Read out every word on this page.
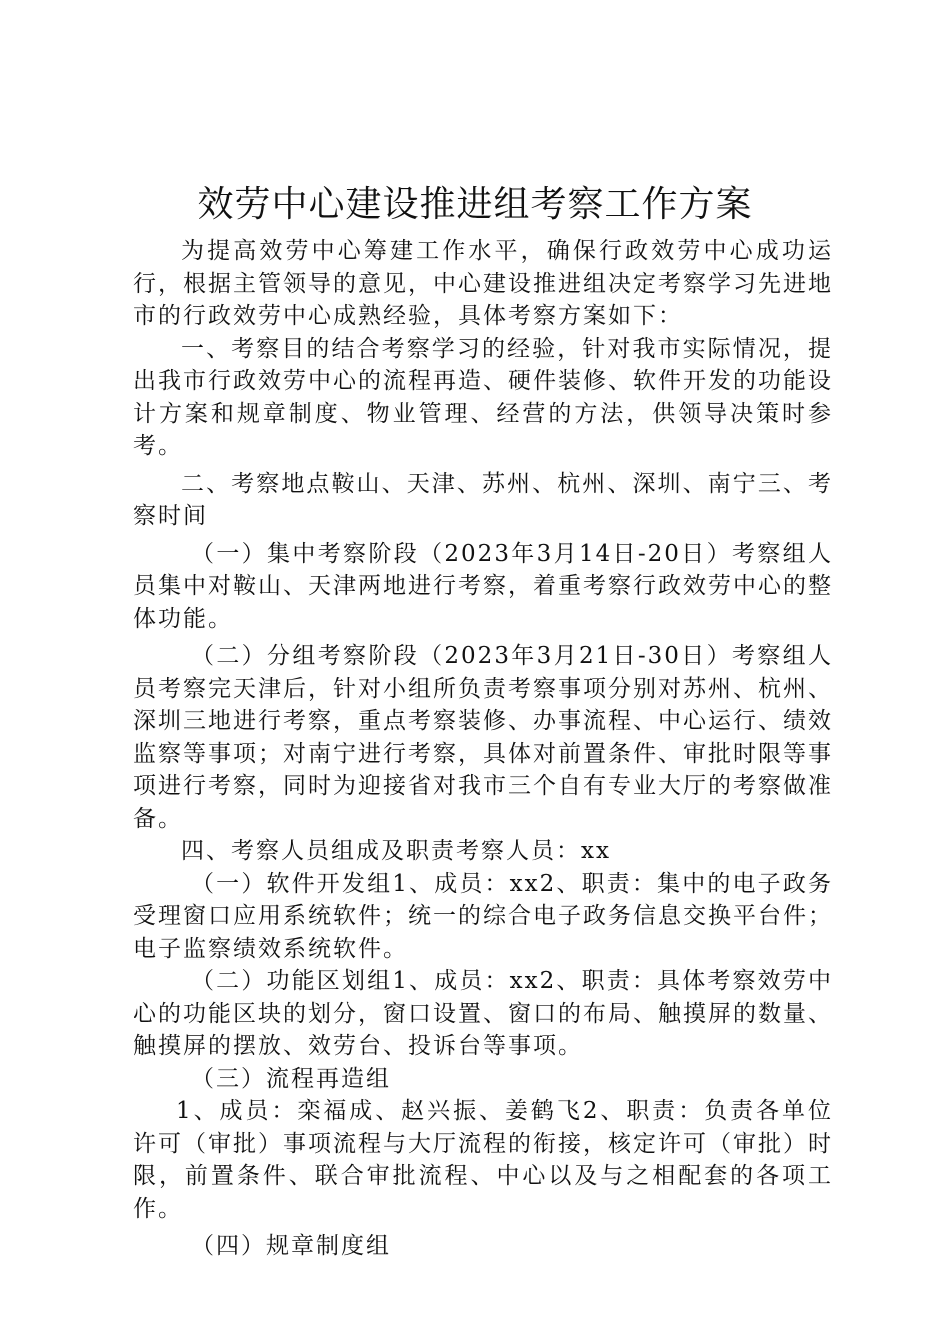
效劳中心建设推进组考察工作方案

为提高效劳中心筹建工作水平，确保行政效劳中心成功运行，根据主管领导的意见，中心建设推进组决定考察学习先进地市的行政效劳中心成熟经验，具体考察方案如下：

一、考察目的结合考察学习的经验，针对我市实际情况，提出我市行政效劳中心的流程再造、硬件装修、软件开发的功能设计方案和规章制度、物业管理、经营的方法，供领导决策时参考。

二、考察地点鞍山、天津、苏州、杭州、深圳、南宁三、考察时间

（一）集中考察阶段（2023年3月14日-20日）考察组人员集中对鞍山、天津两地进行考察，着重考察行政效劳中心的整体功能。

（二）分组考察阶段（2023年3月21日-30日）考察组人员考察完天津后，针对小组所负责考察事项分别对苏州、杭州、深圳三地进行考察，重点考察装修、办事流程、中心运行、绩效监察等事项；对南宁进行考察，具体对前置条件、审批时限等事项进行考察，同时为迎接省对我市三个自有专业大厅的考察做准备。

四、考察人员组成及职责考察人员：xx

（一）软件开发组1、成员：xx2、职责：集中的电子政务受理窗口应用系统软件；统一的综合电子政务信息交换平台件；电子监察绩效系统软件。

（二）功能区划组1、成员：xx2、职责：具体考察效劳中心的功能区块的划分，窗口设置、窗口的布局、触摸屏的数量、触摸屏的摆放、效劳台、投诉台等事项。

（三）流程再造组

1、成员：栾福成、赵兴振、姜鹤飞2、职责：负责各单位许可（审批）事项流程与大厅流程的衔接，核定许可（审批）时限，前置条件、联合审批流程、中心以及与之相配套的各项工作。

（四）规章制度组
